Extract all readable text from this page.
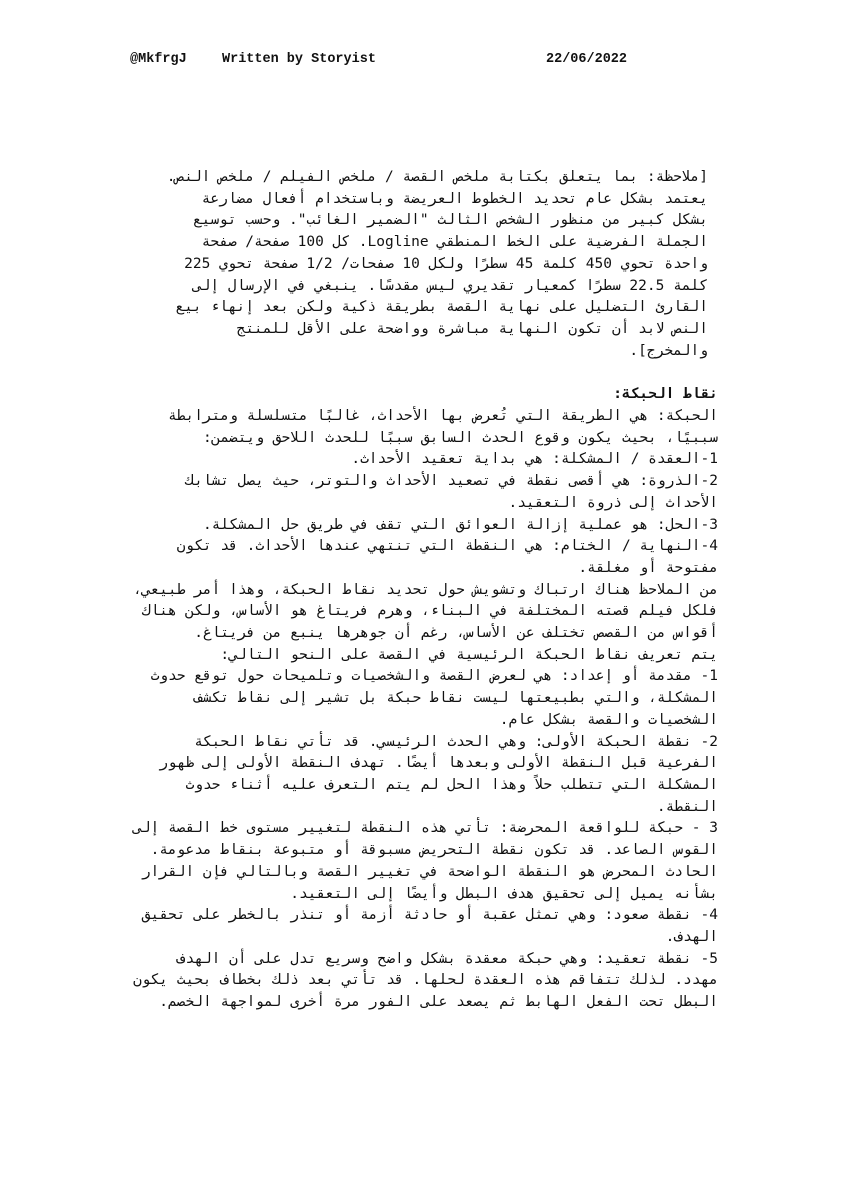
@MkfrgJ	Written by Storyist	22/06/2022

[ملاحظة: بما يتعلق بكتابة ملخص القصة / ملخص الفيلم / ملخص النص. يعتمد بشكل عام تحديد الخطوط العريضة وباستخدام أفعال مضارعة بشكل كبير من منظور الشخص الثالث "الضمير الغائب". وحسب توسيع الجملة الفرضية على الخط المنطقي Logline. كل 100 صفحة/ صفحة واحدة تحوي 450 كلمة 45 سطرًا ولكل 10 صفحات/ 1/2 صفحة تحوي 225 كلمة 22.5 سطرًا كمعيار تقديري ليس مقدسًا. ينبغي في الإرسال إلى القارئ التضليل على نهاية القصة بطريقة ذكية ولكن بعد إنهاء بيع النص لابد أن تكون النهاية مباشرة وواضحة على الأقل للمنتج والمخرج].

نقاط الحبكة:

الحبكة: هي الطريقة التي تُعرض بها الأحداث، غالبًا متسلسلة ومترابطة سببيًا، بحيث يكون وقوع الحدث السابق سببًا للحدث اللاحق ويتضمن:

1-العقدة / المشكلة: هي بداية تعقيد الأحداث.

2-الذروة: هي أقصى نقطة في تصعيد الأحداث والتوتر، حيث يصل تشابك الأحداث إلى ذروة التعقيد.

3-الحل: هو عملية إزالة العوائق التي تقف في طريق حل المشكلة.

4-النهاية / الختام: هي النقطة التي تنتهي عندها الأحداث. قد تكون مفتوحة أو مغلقة.

من الملاحظ هناك ارتباك وتشويش حول تحديد نقاط الحبكة، وهذا أمر طبيعي، فلكل فيلم قصته المختلفة في البناء، وهرم فريتاغ هو الأساس، ولكن هناك أقواس من القصص تختلف عن الأساس، رغم أن جوهرها ينبع من فريتاغ.

يتم تعريف نقاط الحبكة الرئيسية في القصة على النحو التالي:

1- مقدمة أو إعداد: هي لعرض القصة والشخصيات وتلميحات حول توقع حدوث المشكلة، والتي بطبيعتها ليست نقاط حبكة بل تشير إلى نقاط تكشف الشخصيات والقصة بشكل عام.

2- نقطة الحبكة الأولى: وهي الحدث الرئيسي. قد تأتي نقاط الحبكة الفرعية قبل النقطة الأولى وبعدها أيضًا. تهدف النقطة الأولى إلى ظهور المشكلة التي تتطلب حلاً وهذا الحل لم يتم التعرف عليه أثناء حدوث النقطة.

3 - حبكة للواقعة المحرضة: تأتي هذه النقطة لتغيير مستوى خط القصة إلى القوس الصاعد. قد تكون نقطة التحريض مسبوقة أو متبوعة بنقاط مدعومة. الحادث المحرض هو النقطة الواضحة في تغيير القصة وبالتالي فإن القرار بشأنه يميل إلى تحقيق هدف البطل وأيضًا إلى التعقيد.

4- نقطة صعود: وهي تمثل عقبة أو حادثة أزمة أو تنذر بالخطر على تحقيق الهدف.

5- نقطة تعقيد: وهي حبكة معقدة بشكل واضح وسريع تدل على أن الهدف مهدد. لذلك تتفاقم هذه العقدة لحلها. قد تأتي بعد ذلك بخطاف بحيث يكون البطل تحت الفعل الهابط ثم يصعد على الفور مرة أخرى لمواجهة الخصم.
